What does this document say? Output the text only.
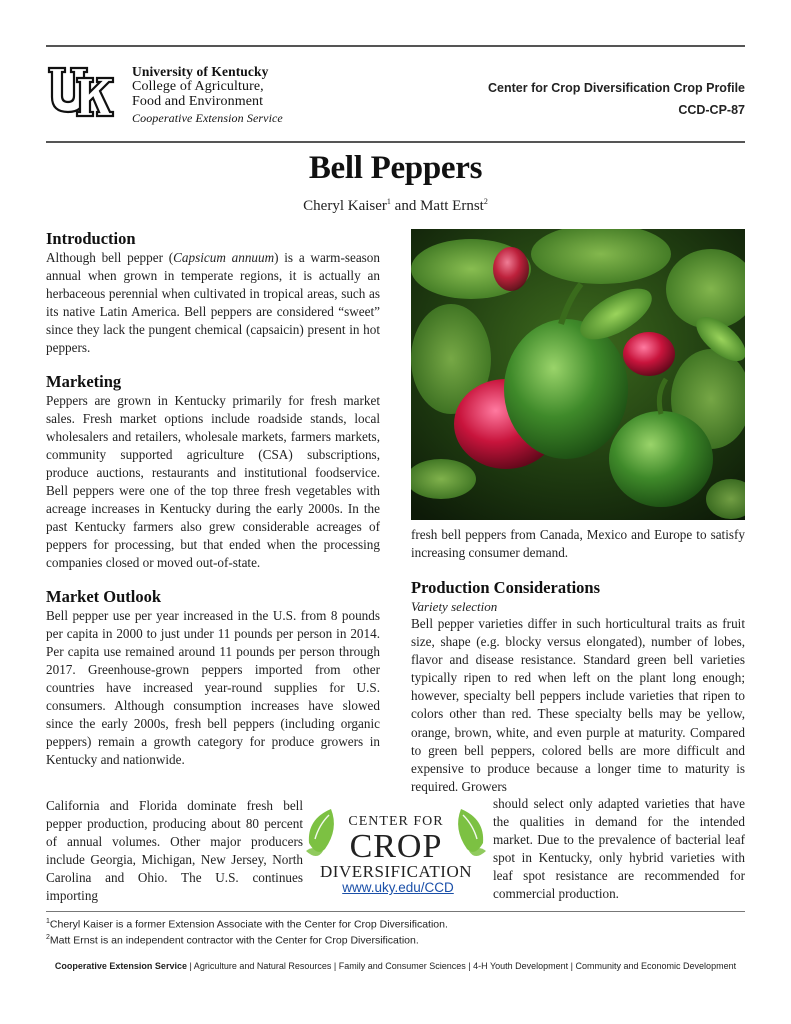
University of Kentucky
College of Agriculture,
Food and Environment
Cooperative Extension Service
Center for Crop Diversification Crop Profile
CCD-CP-87
Bell Peppers
Cheryl Kaiser$^1$ and Matt Ernst$^2$
Introduction

Although bell pepper (Capsicum annuum) is a warm-season annual when grown in temperate regions, it is actually an herbaceous perennial when cultivated in tropical areas, such as its native Latin America. Bell peppers are considered “sweet” since they lack the pungent chemical (capsaicin) present in hot peppers.

Marketing

Peppers are grown in Kentucky primarily for fresh market sales. Fresh market options include roadside stands, local wholesalers and retailers, wholesale markets, farmers markets, community supported agriculture (CSA) subscriptions, produce auctions, restaurants and institutional foodservice. Bell peppers were one of the top three fresh vegetables with acreage increases in Kentucky during the early 2000s. In the past Kentucky farmers also grew considerable acreages of peppers for processing, but that ended when the processing companies closed or moved out-of-state.

Market Outlook

Bell pepper use per year increased in the U.S. from 8 pounds per capita in 2000 to just under 11 pounds per person in 2014. Per capita use remained around 11 pounds per person through 2017. Greenhouse-grown peppers imported from other countries have increased year-round supplies for U.S. consumers. Although consumption increases have slowed since the early 2000s, fresh bell peppers (including organic peppers) remain a growth category for produce growers in Kentucky and nationwide.

California and Florida dominate fresh bell pepper production, producing about 80 percent of annual volumes. Other major producers include Georgia, Michigan, New Jersey, North Carolina and Ohio. The U.S. continues importing

fresh bell peppers from Canada, Mexico and Europe to satisfy increasing consumer demand.

Production Considerations
Variety selection

Bell pepper varieties differ in such horticultural traits as fruit size, shape (e.g. blocky versus elongated), number of lobes, flavor and disease resistance. Standard green bell varieties typically ripen to red when left on the plant long enough; however, specialty bell peppers include varieties that ripen to colors other than red. These specialty bells may be yellow, orange, brown, white, and even purple at maturity. Compared to green bell peppers, colored bells are more difficult and expensive to produce because a longer time to maturity is required. Growers

should select only adapted varieties that have the qualities in demand for the intended market. Due to the prevalence of bacterial leaf spot in Kentucky, only hybrid varieties with leaf spot resistance are recommended for commercial production.

CENTER FOR
CROP
DIVERSIFICATION
www.uky.edu/CCD
$^1$Cheryl Kaiser is a former Extension Associate with the Center for Crop Diversification.
$^2$Matt Ernst is an independent contractor with the Center for Crop Diversification.
Cooperative Extension Service | Agriculture and Natural Resources | Family and Consumer Sciences | 4-H Youth Development | Community and Economic Development
